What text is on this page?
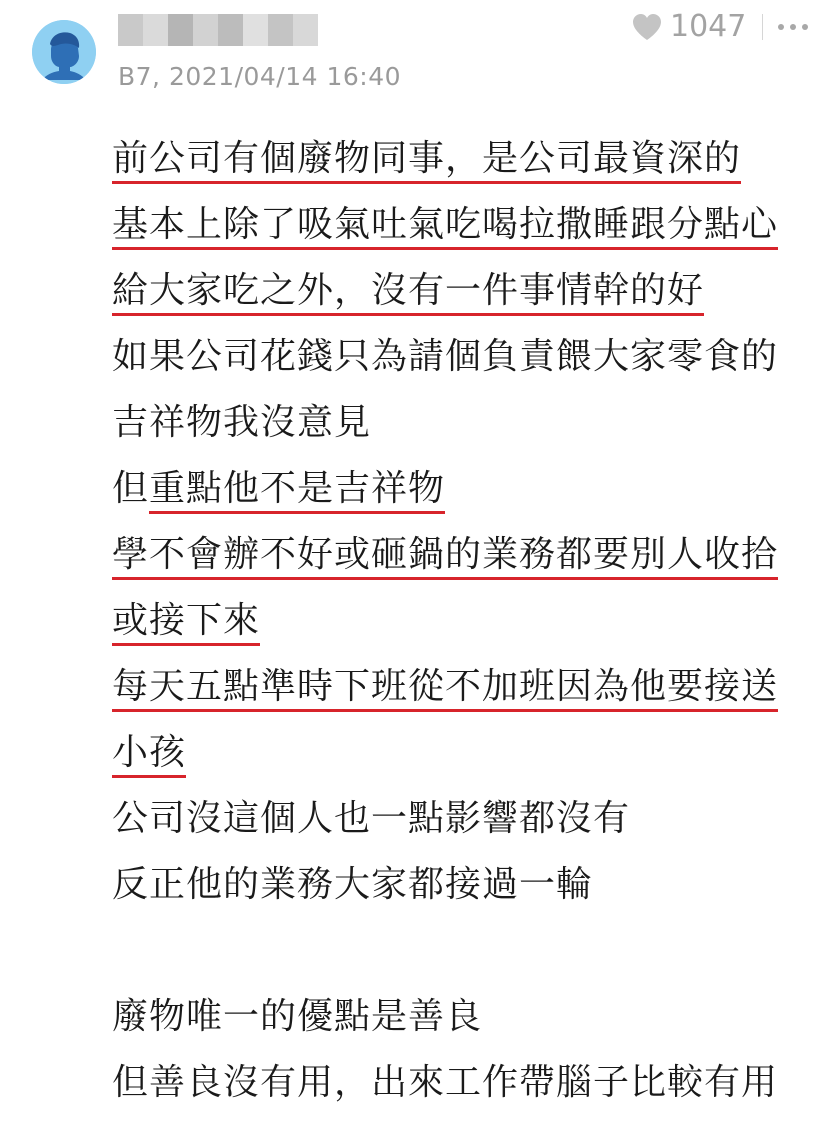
B7, 2021/04/14 16:40
1047
前公司有個廢物同事，是公司最資深的
基本上除了吸氣吐氣吃喝拉撒睡跟分點心
給大家吃之外，沒有一件事情幹的好
如果公司花錢只為請個負責餵大家零食的
吉祥物我沒意見
但重點他不是吉祥物
學不會辦不好或砸鍋的業務都要別人收拾
或接下來
每天五點準時下班從不加班因為他要接送
小孩
公司沒這個人也一點影響都沒有
反正他的業務大家都接過一輪
廢物唯一的優點是善良
但善良沒有用，出來工作帶腦子比較有用
